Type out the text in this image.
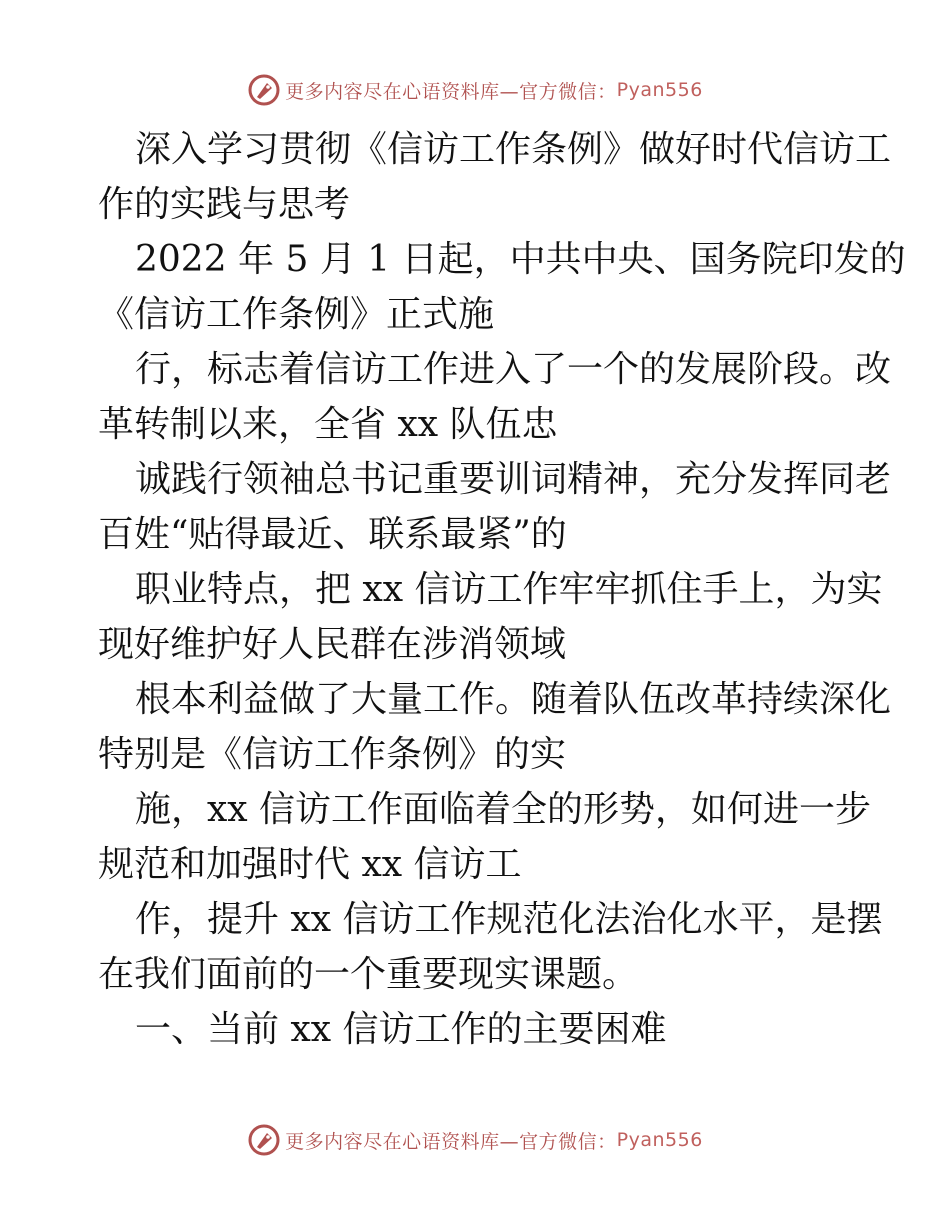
更多内容尽在心语资料库—官方微信： Pyan556

深入学习贯彻《信访工作条例》做好时代信访工

作的实践与思考

2022 年 5 月 1 日起，中共中央、国务院印发的

《信访工作条例》正式施

行，标志着信访工作进入了一个的发展阶段。改

革转制以来，全省 xx 队伍忠

诚践行领袖总书记重要训词精神，充分发挥同老

百姓“贴得最近、联系最紧”的

职业特点，把 xx 信访工作牢牢抓住手上，为实

现好维护好人民群在涉消领域

根本利益做了大量工作。随着队伍改革持续深化

特别是《信访工作条例》的实

施，xx 信访工作面临着全的形势，如何进一步

规范和加强时代 xx 信访工

作，提升 xx 信访工作规范化法治化水平，是摆

在我们面前的一个重要现实课题。

一、当前 xx 信访工作的主要困难

更多内容尽在心语资料库—官方微信： Pyan556
